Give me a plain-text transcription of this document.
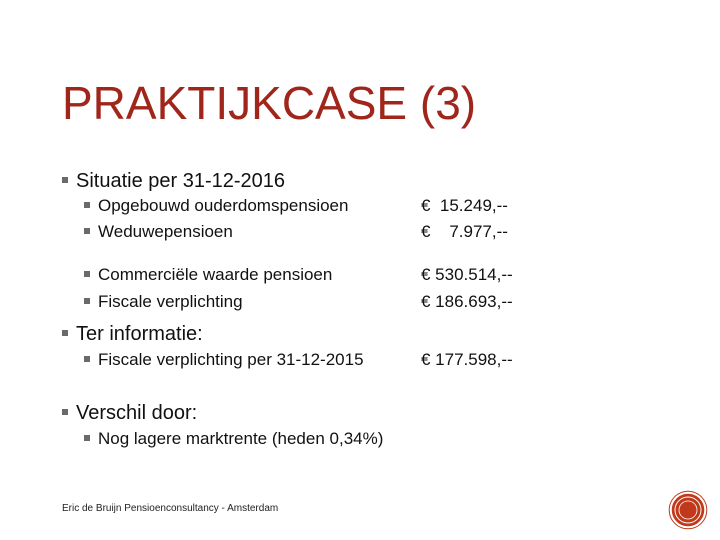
PRAKTIJKCASE (3)
Situatie per 31-12-2016
Opgebouwd ouderdomspensioen	€  15.249,--
Weduwepensioen	€    7.977,--
Commerciële waarde pensioen	€ 530.514,--
Fiscale verplichting	€ 186.693,--
Ter informatie:
Fiscale verplichting per 31-12-2015	€ 177.598,--
Verschil door:
Nog lagere marktrente (heden 0,34%)
Eric de Bruijn Pensioenconsultancy - Amsterdam
